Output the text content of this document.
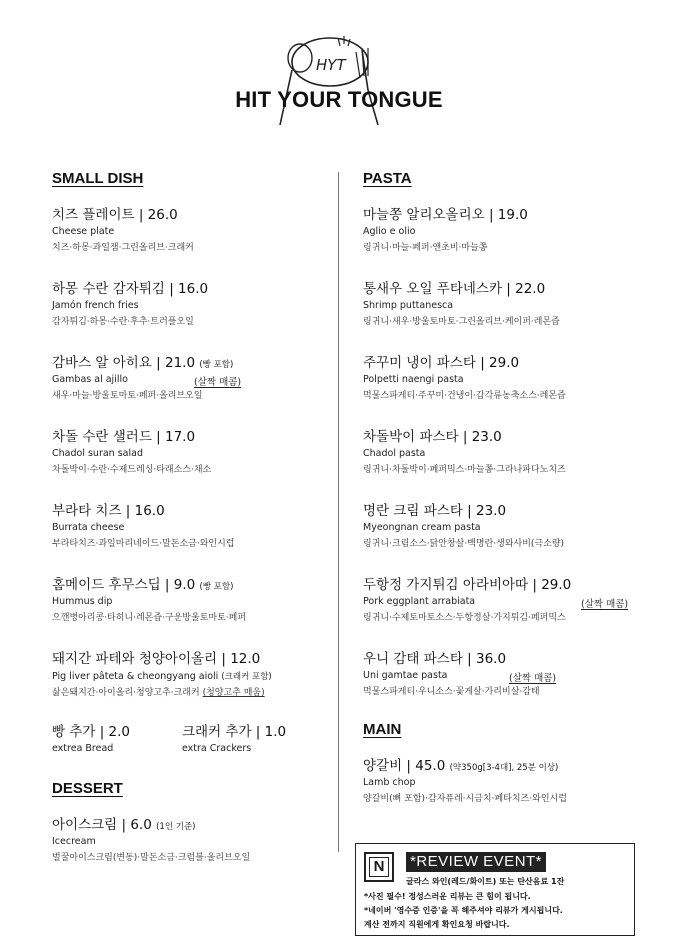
HYT
HIT YOUR TONGUE
SMALL DISH
치즈 플레이트 | 26.0
Cheese plate
치즈·하몽·과일잼·그린올리브·크래커
하몽 수란 감자튀김 | 16.0
Jamón french fries
감자튀김·하몽·수란·후추·트러플오일
감바스 알 아히요 | 21.0 (빵 포함)
Gambas al ajillo	(살짝 매콤)
새우·마늘·방울토마토·페퍼·올리브오일
차돌 수란 샐러드 | 17.0
Chadol suran salad
차돌박이·수란·수제드레싱·타래소스·채소
부라타 치즈 | 16.0
Burrata cheese
부라타치즈·과일마리네이드·말돈소금·와인시럽
홈메이드 후무스딥 | 9.0 (빵 포함)
Hummus dip
으깬병아리콩·타히니·레몬즙·구운방울토마토·페퍼
돼지간 파테와 청양아이올리 | 12.0
Pig liver pâteta & cheongyang aioli (크래커 포함)
삶은돼지간·아이올리·청양고추·크래커 (청양고추 매움)
빵 추가 | 2.0
extrea Bread
크래커 추가 | 1.0
extra Crackers
DESSERT
아이스크림 | 6.0 (1인 기준)
Icecream
벌꿀아이스크림(변동)·말돈소금·크럼블·올리브오일
PASTA
마늘쫑 알리오올리오 | 19.0
Aglio e olio
링귀니·마늘·페퍼·앤초비·마늘쫑
통새우 오일 푸타네스카 | 22.0
Shrimp puttanesca
링귀니·새우·방울토마토·그린올리브·케이퍼·레몬즙
주꾸미 냉이 파스타 | 29.0
Polpetti naengi pasta
먹물스파게티·주꾸미·건냉이·갑각류농축소스·레몬즙
차돌박이 파스타 | 23.0
Chadol pasta
링귀니·차돌박이·페퍼믹스·마늘쫑·그라나파다노치즈
명란 크림 파스타 | 23.0
Myeongnan cream pasta
링귀니·크림소스·닭안창살·백명란·생와사비(극소량)
두항정 가지튀김 아라비아따 | 29.0
Pork eggplant arrabiata	(살짝 매콤)
링귀니·수제토마토소스·두항정살·가지튀김·페퍼믹스
우니 감태 파스타 | 36.0
Uni gamtae pasta	(살짝 매콤)
먹물스파게티·우니소스·꽃게살·가리비살·감태
MAIN
양갈비 | 45.0 (약350g[3-4대], 25분 이상)
Lamb chop
양갈비(뼈 포함)·감자퓨레·시금치·페타치즈·와인시럽
N	*REVIEW EVENT*
글라스 와인(레드/화이트) 또는 탄산음료 1잔
*사진 필수! 정성스러운 리뷰는 큰 힘이 됩니다.
*네이버 '영수증 인증'을 꼭 해주셔야 리뷰가 게시됩니다.
계산 전까지 직원에게 확인요청 바랍니다.
